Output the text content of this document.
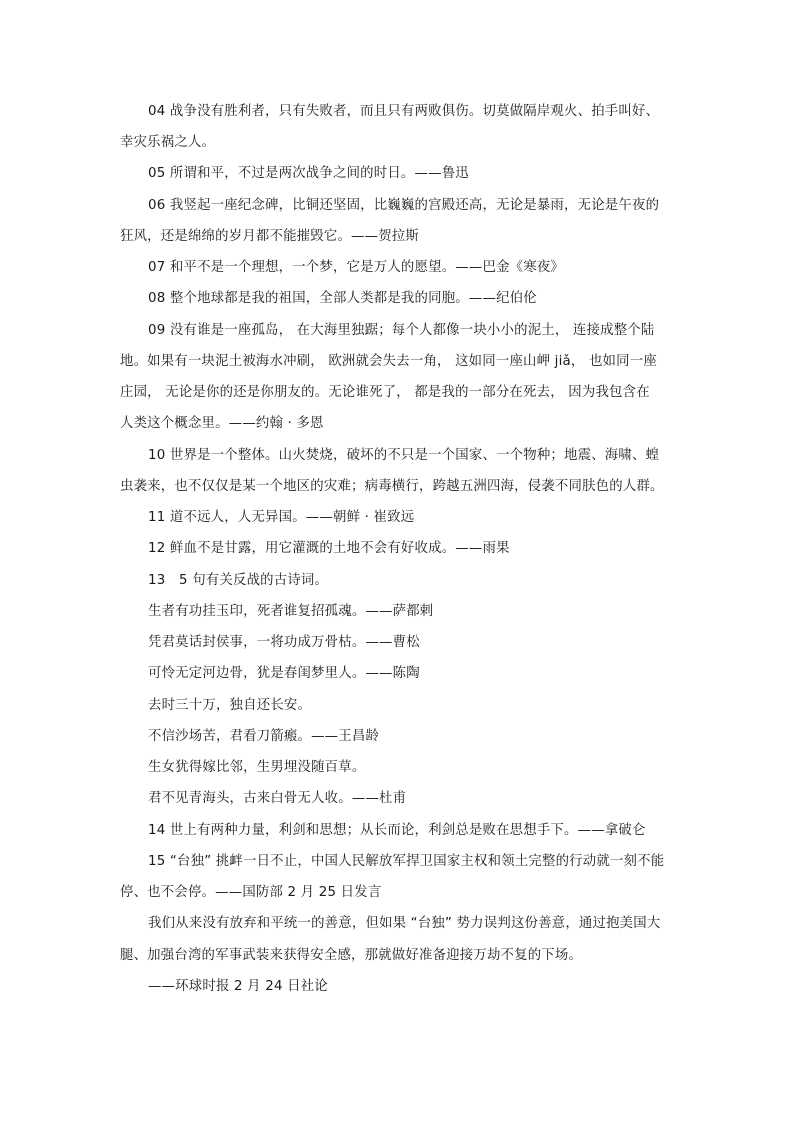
04 战争没有胜利者，只有失败者，而且只有两败俱伤。切莫做隔岸观火、拍手叫好、
幸灾乐祸之人。
05 所谓和平，不过是两次战争之间的时日。——鲁迅
06 我竖起一座纪念碑，比铜还坚固，比巍巍的宫殿还高，无论是暴雨，无论是午夜的
狂风，还是绵绵的岁月都不能摧毁它。——贺拉斯
07 和平不是一个理想，一个梦，它是万人的愿望。——巴金《寒夜》
08 整个地球都是我的祖国，全部人类都是我的同胞。——纪伯伦
09 没有谁是一座孤岛， 在大海里独踞；每个人都像一块小小的泥土， 连接成整个陆
地。如果有一块泥土被海水冲刷， 欧洲就会失去一角， 这如同一座山岬 jiǎ， 也如同一座
庄园， 无论是你的还是你朋友的。无论谁死了， 都是我的一部分在死去， 因为我包含在
人类这个概念里。——约翰 · 多恩
10 世界是一个整体。山火焚烧，破坏的不只是一个国家、一个物种；地震、海啸、蝗
虫袭来，也不仅仅是某一个地区的灾难；病毒横行，跨越五洲四海，侵袭不同肤色的人群。
11 道不远人，人无异国。——朝鲜 · 崔致远
12 鲜血不是甘露，用它灌溉的土地不会有好收成。——雨果
13　5 句有关反战的古诗词。
生者有功挂玉印，死者谁复招孤魂。——萨都剌
凭君莫话封侯事，一将功成万骨枯。——曹松
可怜无定河边骨，犹是春闺梦里人。——陈陶
去时三十万，独自还长安。
不信沙场苦，君看刀箭瘢。——王昌龄
生女犹得嫁比邻，生男埋没随百草。
君不见青海头，古来白骨无人收。——杜甫
14 世上有两种力量，利剑和思想；从长而论，利剑总是败在思想手下。——拿破仑
15 “台独” 挑衅一日不止，中国人民解放军捍卫国家主权和领土完整的行动就一刻不能
停、也不会停。——国防部 2 月 25 日发言
我们从来没有放弃和平统一的善意，但如果 “台独” 势力误判这份善意，通过抱美国大
腿、加强台湾的军事武装来获得安全感，那就做好准备迎接万劫不复的下场。
——环球时报 2 月 24 日社论
